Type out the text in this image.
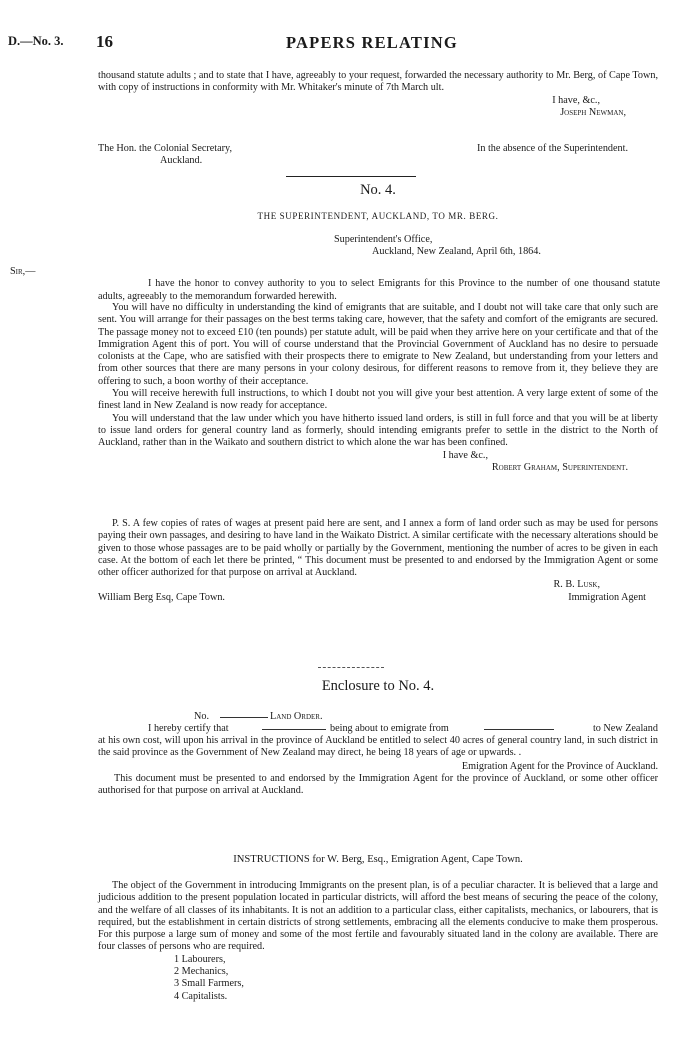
D.—No. 3. 16	PAPERS RELATING

thousand statute adults ; and to state that I have, agreeably to your request, forwarded the necessary authority to Mr. Berg, of Cape Town, with copy of instructions in conformity with Mr. Whitaker's minute of 7th March ult.

I have, &c.,

Joseph Newman,

The Hon. the Colonial Secretary,	In the absence of the Superintendent.
Auckland.
No. 4.
THE SUPERINTENDENT, AUCKLAND, TO MR. BERG.

Superintendent's Office,

Auckland, New Zealand, April 6th, 1864.

Sir,—

I have the honor to convey authority to you to select Emigrants for this Province to the number of one thousand statute adults, agreeably to the memorandum forwarded herewith.

You will have no difficulty in understanding the kind of emigrants that are suitable, and I doubt not will take care that only such are sent. You will arrange for their passages on the best terms taking care, however, that the safety and comfort of the emigrants are secured. The passage money not to exceed £10 (ten pounds) per statute adult, will be paid when they arrive here on your certificate and that of the Immigration Agent this of port. You will of course understand that the Provincial Government of Auckland has no desire to persuade colonists at the Cape, who are satisfied with their prospects there to emigrate to New Zealand, but understanding from your letters and from other sources that there are many persons in your colony desirous, for different reasons to remove from it, they believe they are offering to such, a boon worthy of their acceptance.

You will receive herewith full instructions, to which I doubt not you will give your best attention. A very large extent of some of the finest land in New Zealand is now ready for acceptance.

You will understand that the law under which you have hitherto issued land orders, is still in full force and that you will be at liberty to issue land orders for general country land as formerly, should intending emigrants prefer to settle in the district to the North of Auckland, rather than in the Waikato and southern district to which alone the war has been confined.

I have &c.,

Robert Graham, Superintendent.

P. S. A few copies of rates of wages at present paid here are sent, and I annex a form of land order such as may be used for persons paying their own passages, and desiring to have land in the Waikato District. A similar certificate with the necessary alterations should be given to those whose passages are to be paid wholly or partially by the Government, mentioning the number of acres to be given in each case. At the bottom of each let there be printed, “ This document must be presented to and endorsed by the Immigration Agent or some other officer authorized for that purpose on arrival at Auckland.

R. B. Lusk,

William Berg Esq, Cape Town.	Immigration Agent
Enclosure to No. 4.
No.	Land Order.
I hereby certify that	being about to emigrate from	to New Zealand

at his own cost, will upon his arrival in the province of Auckland be entitled to select 40 acres of general country land, in such district in the said province as the Government of New Zealand may direct, he being 18 years of age or upwards. .

Emigration Agent for the Province of Auckland.

This document must be presented to and endorsed by the Immigration Agent for the province of Auckland, or some other officer authorised for that purpose on arrival at Auckland.

INSTRUCTIONS for W. Berg, Esq., Emigration Agent, Cape Town.

The object of the Government in introducing Immigrants on the present plan, is of a peculiar character. It is believed that a large and judicious addition to the present population located in particular districts, will afford the best means of securing the peace of the colony, and the welfare of all classes of its inhabitants. It is not an addition to a particular class, either capitalists, mechanics, or labourers, that is required, but the establishment in certain districts of strong settlements, embracing all the elements conducive to make them prosperous. For this purpose a large sum of money and some of the most fertile and favourably situated land in the colony are available. There are four classes of persons who are required.

1 Labourers,

2 Mechanics,

3 Small Farmers,

4 Capitalists.
